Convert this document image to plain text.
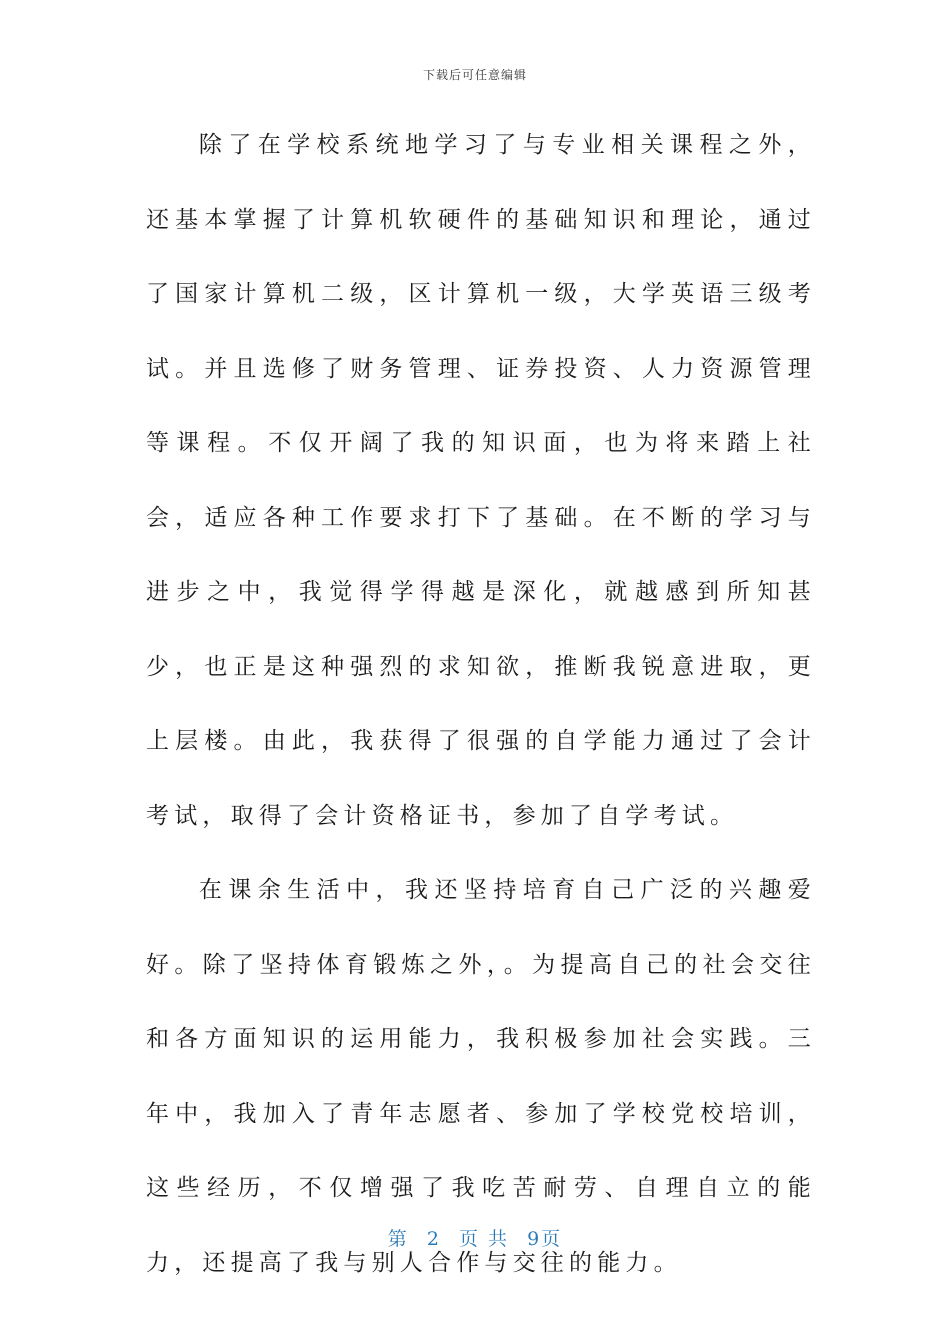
下载后可任意编辑

除了在学校系统地学习了与专业相关课程之外，还基本掌握了计算机软硬件的基础知识和理论，通过了国家计算机二级，区计算机一级，大学英语三级考试。并且选修了财务管理、证券投资、人力资源管理等课程。不仅开阔了我的知识面，也为将来踏上社会，适应各种工作要求打下了基础。在不断的学习与进步之中，我觉得学得越是深化，就越感到所知甚少，也正是这种强烈的求知欲，推断我锐意进取，更上层楼。由此，我获得了很强的自学能力通过了会计考试，取得了会计资格证书，参加了自学考试。

在课余生活中，我还坚持培育自己广泛的兴趣爱好。除了坚持体育锻炼之外，。为提高自己的社会交往和各方面知识的运用能力，我积极参加社会实践。三年中，我加入了青年志愿者、参加了学校党校培训，这些经历，不仅增强了我吃苦耐劳、自理自立的能力，还提高了我与别人合作与交往的能力。

第 2 页 共 9页
